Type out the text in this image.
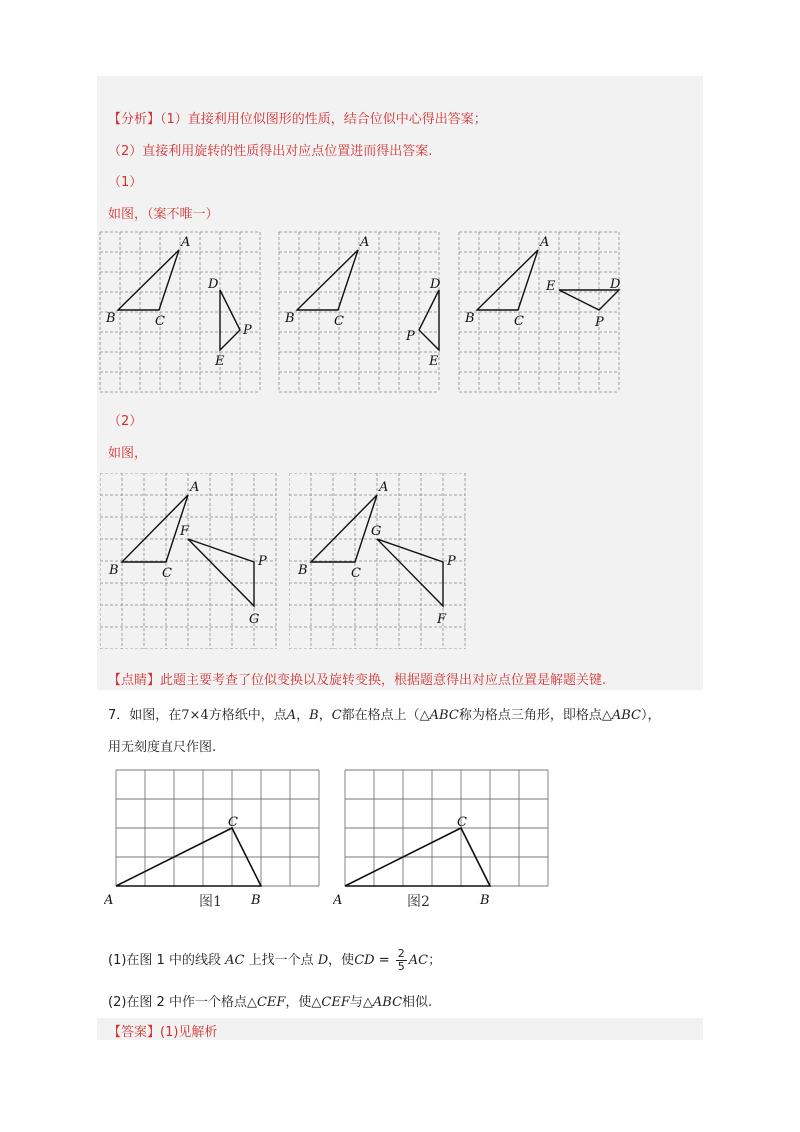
【分析】（1）直接利用位似图形的性质，结合位似中心得出答案；
（2）直接利用旋转的性质得出对应点位置进而得出答案.
（1）
如图，（案不唯一）
A
B	C
D
P
E
A
B	C
D
P
E
A
B	C
E	D
P
（2）
如图，
A
B	C
F
P
G
A
B	C
G
P
F
【点睛】此题主要考查了位似变换以及旋转变换，根据题意得出对应点位置是解题关键.
7．如图，在7×4方格纸中，点A，B，C都在格点上（△ABC称为格点三角形，即格点△ABC），
用无刻度直尺作图.
A	B
C
图1	A	B
C
图2
(1)在图 1 中的线段 AC 上找一个点 D，使CD = $\frac{2}{5}$ AC；
(2)在图 2 中作一个格点△CEF，使△CEF与△ABC相似.
【答案】(1)见解析
